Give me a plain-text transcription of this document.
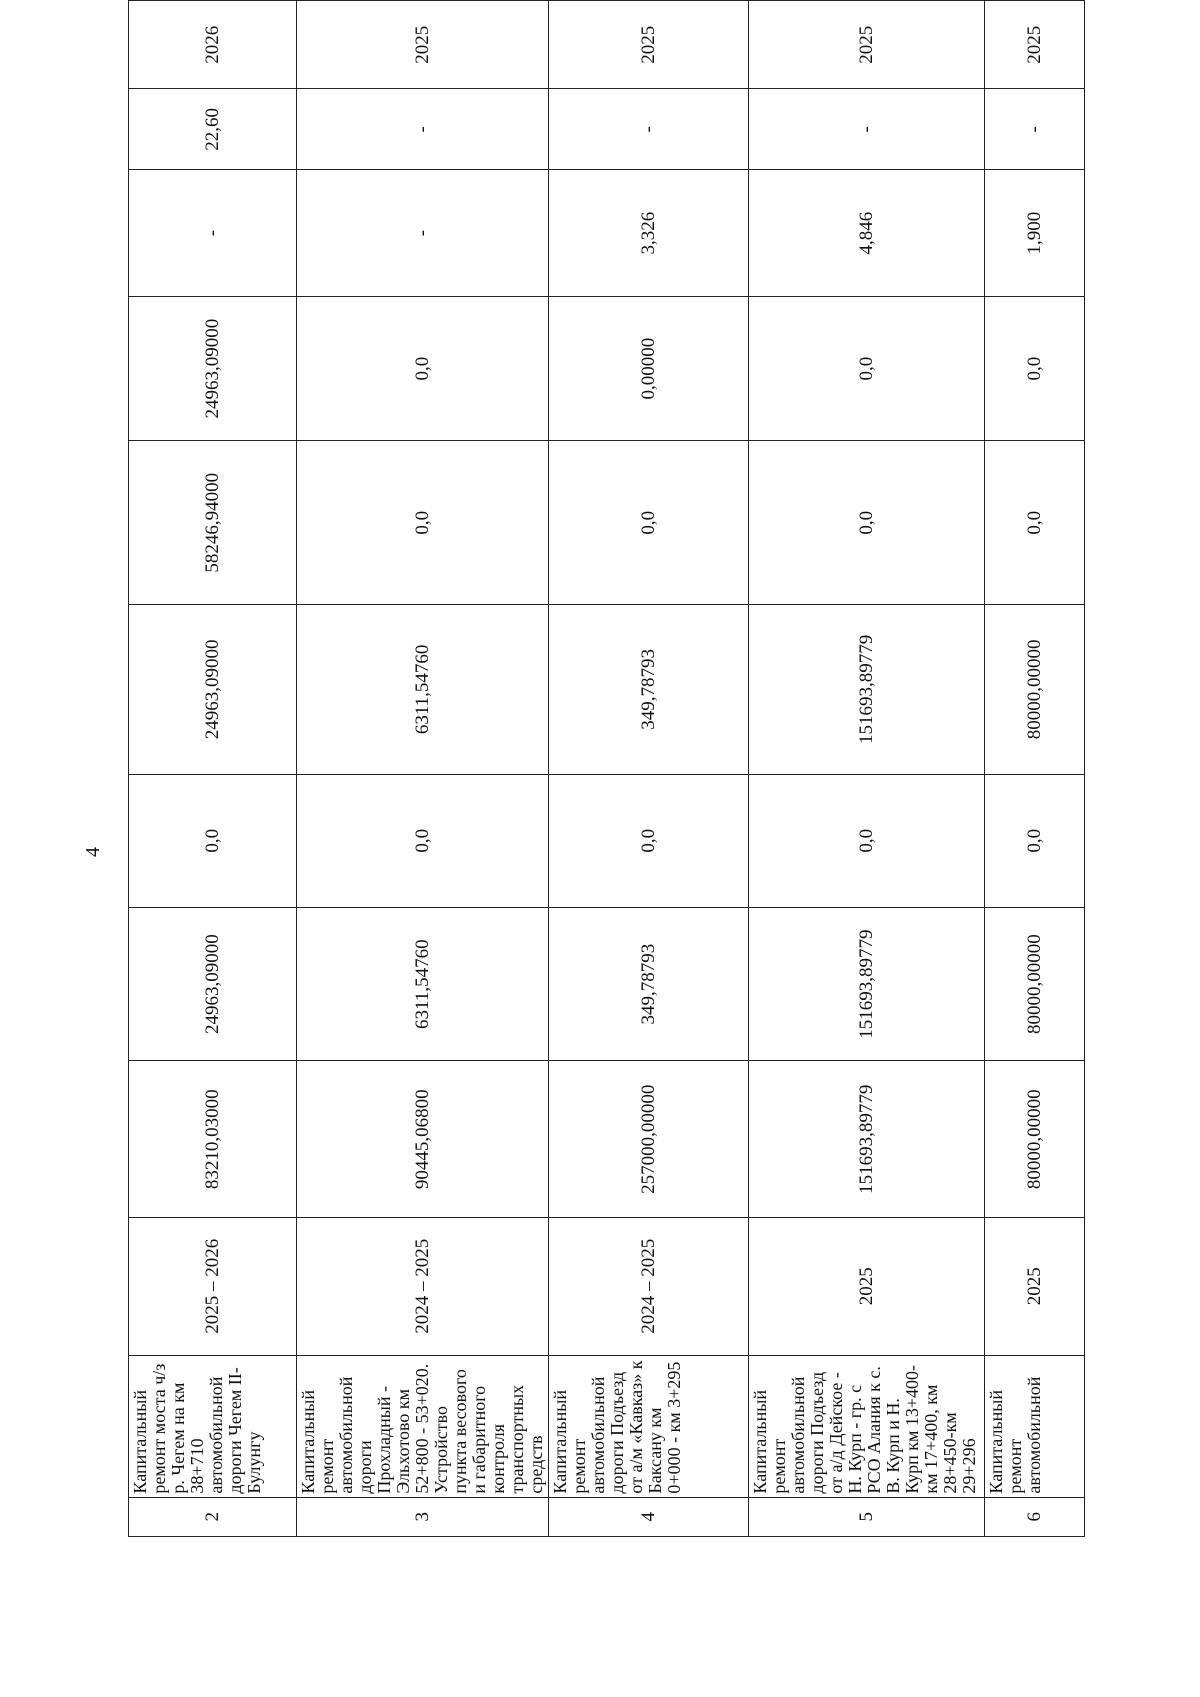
4
2	Капитальный ремонт моста ч/з р. Чегем на км 38+710 автомобильной дороги Чегем II- Булунгу	2025 – 2026	83210,03000	24963,09000	0,0	24963,09000	58246,94000	24963,09000	-	22,60	2026
3	Капитальный ремонт автомобильной дороги Прохладный - Эльхотово км 52+800 - 53+020. Устройство пункта весового и габаритного контроля транспортных средств	2024 – 2025	90445,06800	6311,54760	0,0	6311,54760	0,0	0,0	-	-	2025
4	Капитальный ремонт автомобильной дороги Подъезд от а/м «Кавказ» к Баксану км 0+000 - км 3+295	2024 – 2025	257000,00000	349,78793	0,0	349,78793	0,0	0,00000	3,326	-	2025
5	Капитальный ремонт автомобильной дороги Подъезд от а/д Дейское - Н. Курп - гр. с РСО Алания к с. В. Курп и Н. Курп км 13+400-км 17+400, км 28+450-км 29+296	2025	151693,89779	151693,89779	0,0	151693,89779	0,0	0,0	4,846	-	2025
6	Капитальный ремонт автомобильной	2025	80000,00000	80000,00000	0,0	80000,00000	0,0	0,0	1,900	-	2025
